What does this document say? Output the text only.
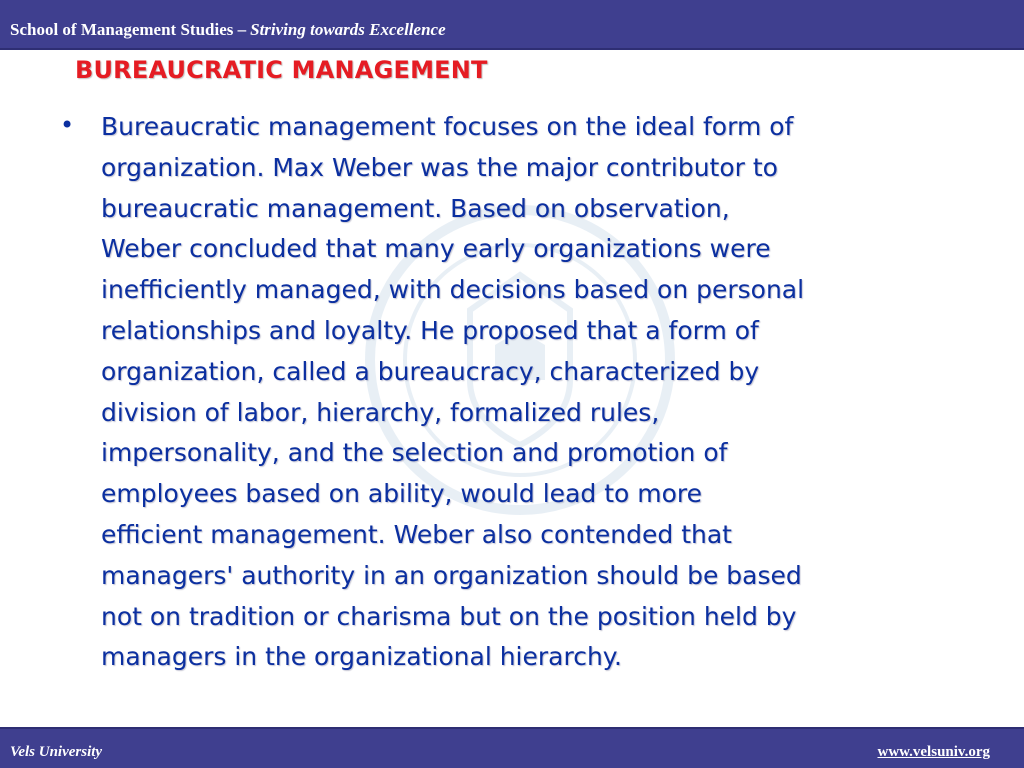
School of Management Studies – Striving towards Excellence
BUREAUCRATIC MANAGEMENT
• Bureaucratic management focuses on the ideal form of
organization. Max Weber was the major contributor to
bureaucratic management. Based on observation,
Weber concluded that many early organizations were
inefficiently managed, with decisions based on personal
relationships and loyalty. He proposed that a form of
organization, called a bureaucracy, characterized by
division of labor, hierarchy, formalized rules,
impersonality, and the selection and promotion of
employees based on ability, would lead to more
efficient management. Weber also contended that
managers' authority in an organization should be based
not on tradition or charisma but on the position held by
managers in the organizational hierarchy.

Vels University	www.velsuniv.org
